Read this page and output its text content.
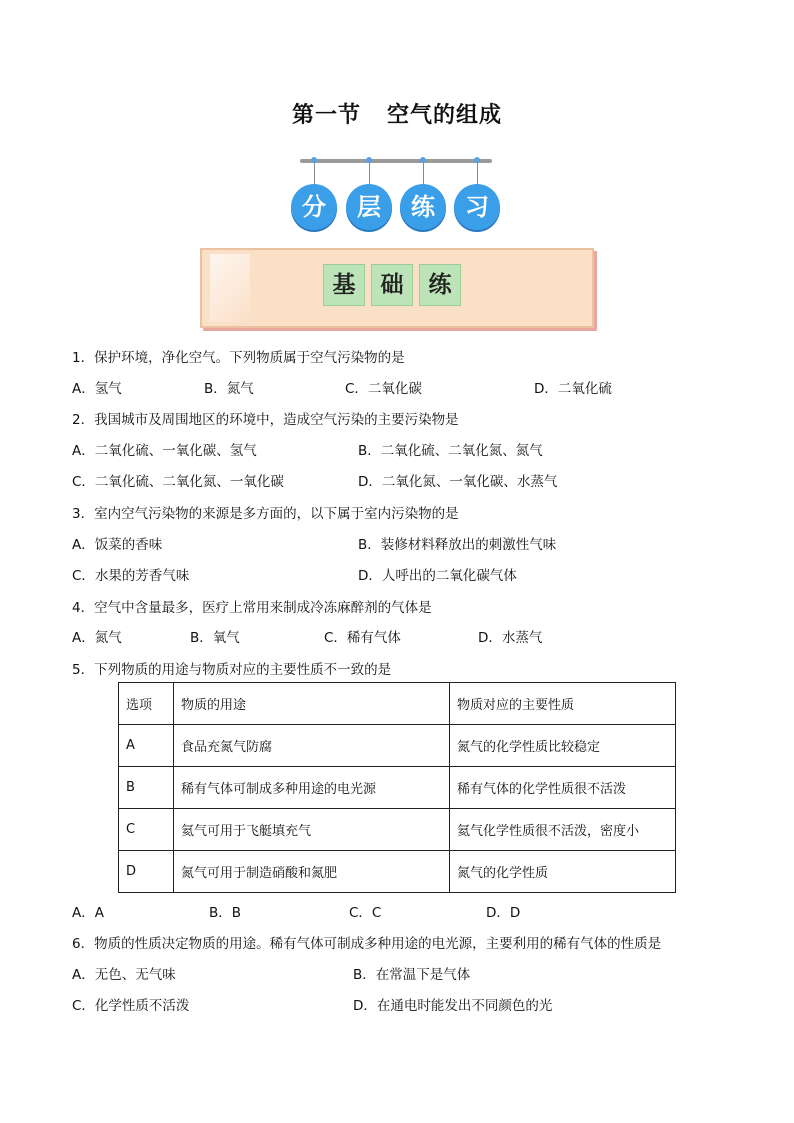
第一节 空气的组成
分	层	练	习
基	础	练
1．保护环境，净化空气。下列物质属于空气污染物的是
A．氢气	B．氮气	C．二氧化碳	D．二氧化硫
2．我国城市及周围地区的环境中，造成空气污染的主要污染物是
A．二氧化硫、一氧化碳、氢气	B．二氧化硫、二氧化氮、氮气
C．二氧化硫、二氧化氮、一氧化碳	D．二氧化氮、一氧化碳、水蒸气
3．室内空气污染物的来源是多方面的，以下属于室内污染物的是
A．饭菜的香味	B．装修材料释放出的刺激性气味
C．水果的芳香气味	D．人呼出的二氧化碳气体
4．空气中含量最多，医疗上常用来制成冷冻麻醉剂的气体是
A．氮气	B．氧气	C．稀有气体	D．水蒸气
5．下列物质的用途与物质对应的主要性质不一致的是
选项	物质的用途	物质对应的主要性质
A	食品充氮气防腐	氮气的化学性质比较稳定
B	稀有气体可制成多种用途的电光源	稀有气体的化学性质很不活泼
C	氦气可用于飞艇填充气	氦气化学性质很不活泼，密度小
D	氮气可用于制造硝酸和氮肥	氮气的化学性质
A．A	B．B	C．C	D．D
6．物质的性质决定物质的用途。稀有气体可制成多种用途的电光源，主要利用的稀有气体的性质是
A．无色、无气味	B．在常温下是气体
C．化学性质不活泼	D．在通电时能发出不同颜色的光
